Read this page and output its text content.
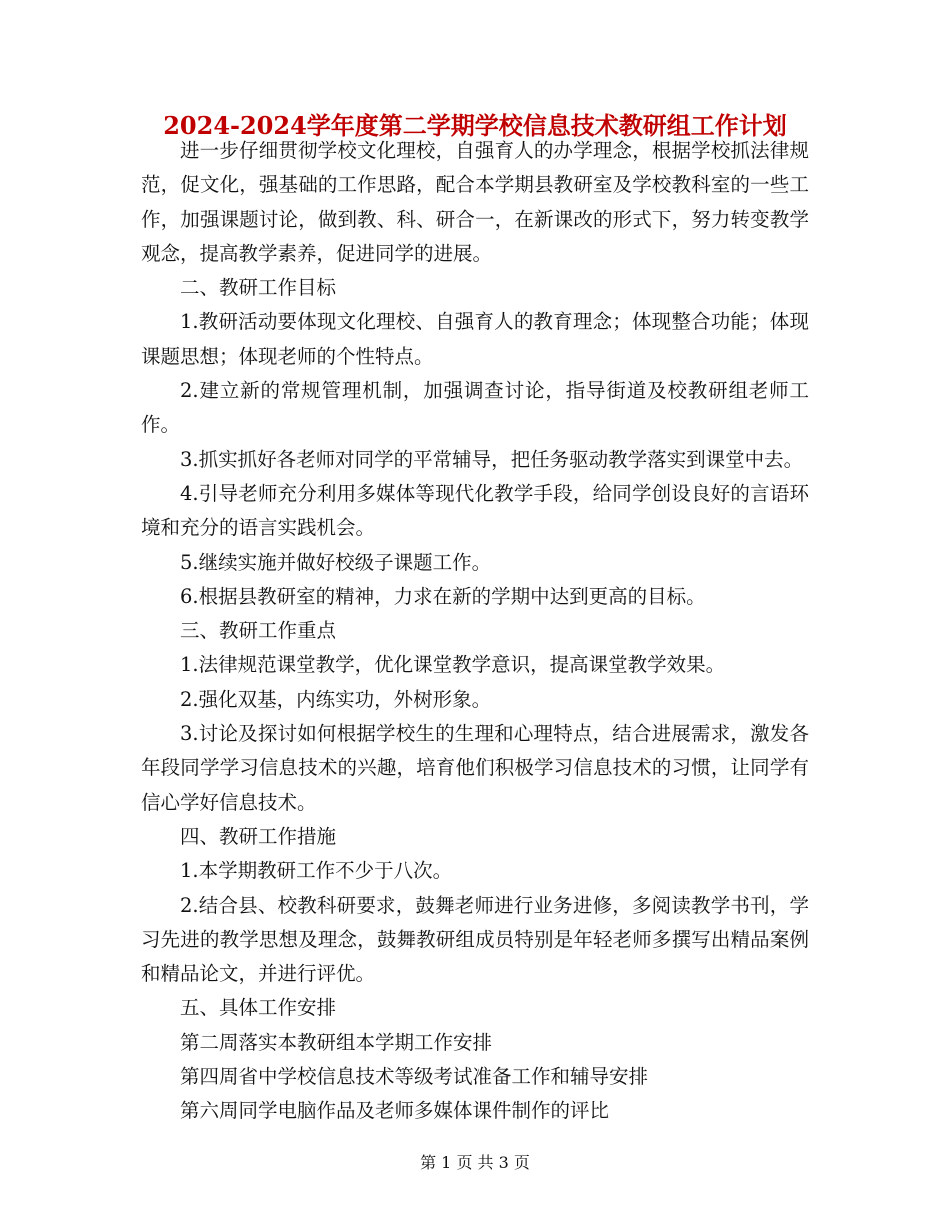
2024-2024学年度第二学期学校信息技术教研组工作计划

进一步仔细贯彻学校文化理校，自强育人的办学理念，根据学校抓法律规范，促文化，强基础的工作思路，配合本学期县教研室及学校教科室的一些工作，加强课题讨论，做到教、科、研合一，在新课改的形式下，努力转变教学观念，提高教学素养，促进同学的进展。

二、教研工作目标

1.教研活动要体现文化理校、自强育人的教育理念；体现整合功能；体现课题思想；体现老师的个性特点。

2.建立新的常规管理机制，加强调查讨论，指导街道及校教研组老师工作。

3.抓实抓好各老师对同学的平常辅导，把任务驱动教学落实到课堂中去。

4.引导老师充分利用多媒体等现代化教学手段，给同学创设良好的言语环境和充分的语言实践机会。

5.继续实施并做好校级子课题工作。

6.根据县教研室的精神，力求在新的学期中达到更高的目标。

三、教研工作重点

1.法律规范课堂教学，优化课堂教学意识，提高课堂教学效果。

2.强化双基，内练实功，外树形象。

3.讨论及探讨如何根据学校生的生理和心理特点，结合进展需求，激发各年段同学学习信息技术的兴趣，培育他们积极学习信息技术的习惯，让同学有信心学好信息技术。

四、教研工作措施

1.本学期教研工作不少于八次。

2.结合县、校教科研要求，鼓舞老师进行业务进修，多阅读教学书刊，学习先进的教学思想及理念，鼓舞教研组成员特别是年轻老师多撰写出精品案例和精品论文，并进行评优。

五、具体工作安排

第二周落实本教研组本学期工作安排

第四周省中学校信息技术等级考试准备工作和辅导安排

第六周同学电脑作品及老师多媒体课件制作的评比

第 1 页 共 3 页
